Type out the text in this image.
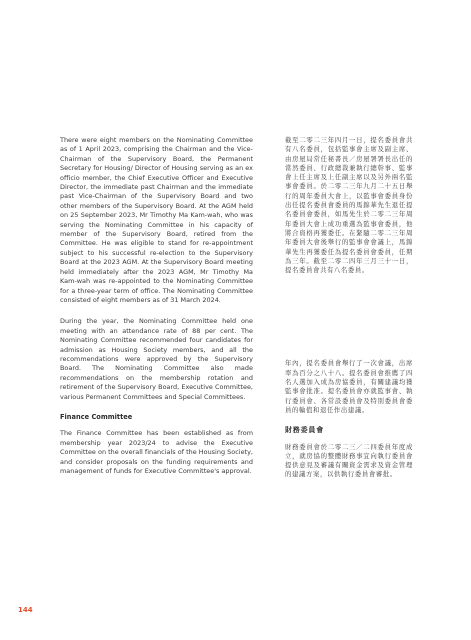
There were eight members on the Nominating Committee as of 1 April 2023, comprising the Chairman and the Vice-Chairman of the Supervisory Board, the Permanent Secretary for Housing/ Director of Housing serving as an ex officio member, the Chief Executive Officer and Executive Director, the immediate past Chairman and the immediate past Vice-Chairman of the Supervisory Board and two other members of the Supervisory Board. At the AGM held on 25 September 2023, Mr Timothy Ma Kam-wah, who was serving the Nominating Committee in his capacity of member of the Supervisory Board, retired from the Committee. He was eligible to stand for re-appointment subject to his successful re-election to the Supervisory Board at the 2023 AGM. At the Supervisory Board meeting held immediately after the 2023 AGM, Mr Timothy Ma Kam-wah was re-appointed to the Nominating Committee for a three-year term of office. The Nominating Committee consisted of eight members as of 31 March 2024.

During the year, the Nominating Committee held one meeting with an attendance rate of 88 per cent. The Nominating Committee recommended four candidates for admission as Housing Society members, and all the recommendations were approved by the Supervisory Board. The Nominating Committee also made recommendations on the membership rotation and retirement of the Supervisory Board, Executive Committee, various Permanent Committees and Special Committees.

Finance Committee

The Finance Committee has been established as from membership year 2023/24 to advise the Executive Committee on the overall financials of the Housing Society, and consider proposals on the funding requirements and management of funds for Executive Committee's approval.

截至二零二三年四月一日，提名委員會共有八名委員，包括監事會主席及副主席、由房屋局常任秘書長／房屋署署長出任的當然委員、行政總裁兼執行總幹事、監事會上任主席及上任副主席以及另外兩名監事會委員。於二零二三年九月二十五日舉行的周年委員大會上，以監事會委員身份出任提名委員會委員的馬錦華先生退任提名委員會委員，如馬先生於二零二三年周年委員大會上成功重選為監事會委員，他將合資格再獲委任。在緊隨二零二三年周年委員大會後舉行的監事會會議上，馬錦華先生再獲委任為提名委員會委員，任期為三年。截至二零二四年三月三十一日，提名委員會共有八名委員。

年內，提名委員會舉行了一次會議，出席率為百分之八十八。提名委員會推薦了四名人選加入成為房協委員，有關建議均獲監事會批准。提名委員會亦就監事會、執行委員會、各常設委員會及特別委員會委員的輪值和退任作出建議。

財務委員會

財務委員會於二零二三／二四委員年度成立，就房協的整體財務事宜向執行委員會提供意見及審議有關資金需求及資金管理的建議方案，以供執行委員會審批。

144
